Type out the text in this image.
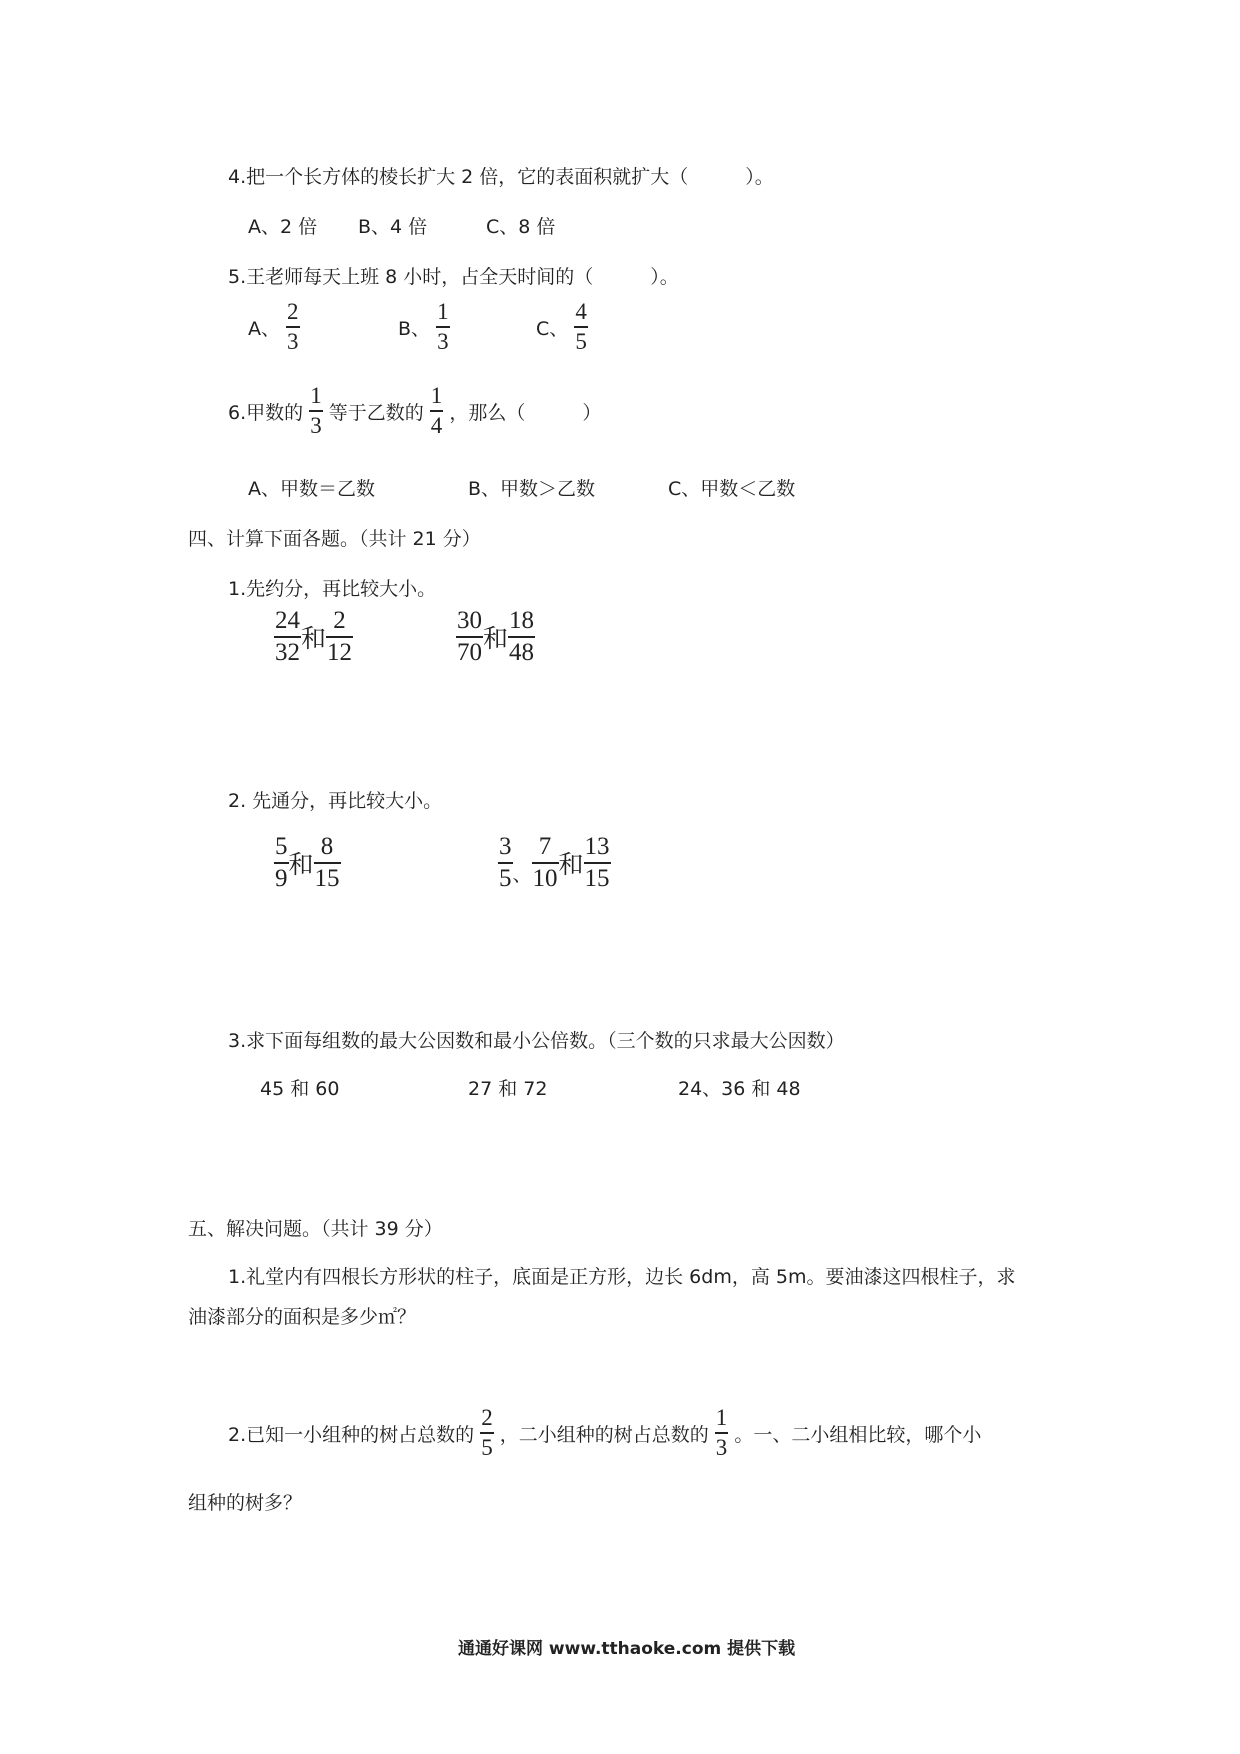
4.把一个长方体的棱长扩大 2 倍，它的表面积就扩大（　　　）。
A、2 倍 B、4 倍	C、8 倍
5.王老师每天上班 8 小时，占全天时间的（　　　）。
A、 $\frac{2}{3}$	B、 $\frac{1}{3}$	C、 $\frac{4}{5}$
6.甲数的 $\frac{1}{3}$ 等于乙数的 $\frac{1}{4}$ ，那么（　　　）
A、甲数＝乙数	B、甲数＞乙数	C、甲数＜乙数
四、计算下面各题。（共计 21 分）
1.先约分，再比较大小。
$\frac{24}{32}$ 和 $\frac{2}{12}$	$\frac{30}{70}$ 和 $\frac{18}{48}$
2. 先通分，再比较大小。
$\frac{5}{9}$ 和 $\frac{8}{15}$	$\frac{3}{5}$ 、 $\frac{7}{10}$ 和 $\frac{13}{15}$
3.求下面每组数的最大公因数和最小公倍数。（三个数的只求最大公因数）
45 和 60	27 和 72	24、36 和 48
五、解决问题。（共计 39 分）
1.礼堂内有四根长方形状的柱子，底面是正方形，边长 6dm，高 5m。要油漆这四根柱子，求
油漆部分的面积是多少㎡？
2.已知一小组种的树占总数的 $\frac{2}{5}$ ，二小组种的树占总数的 $\frac{1}{3}$ 。一、二小组相比较，哪个小
组种的树多？
通通好课网 www.tthaoke.com 提供下载
